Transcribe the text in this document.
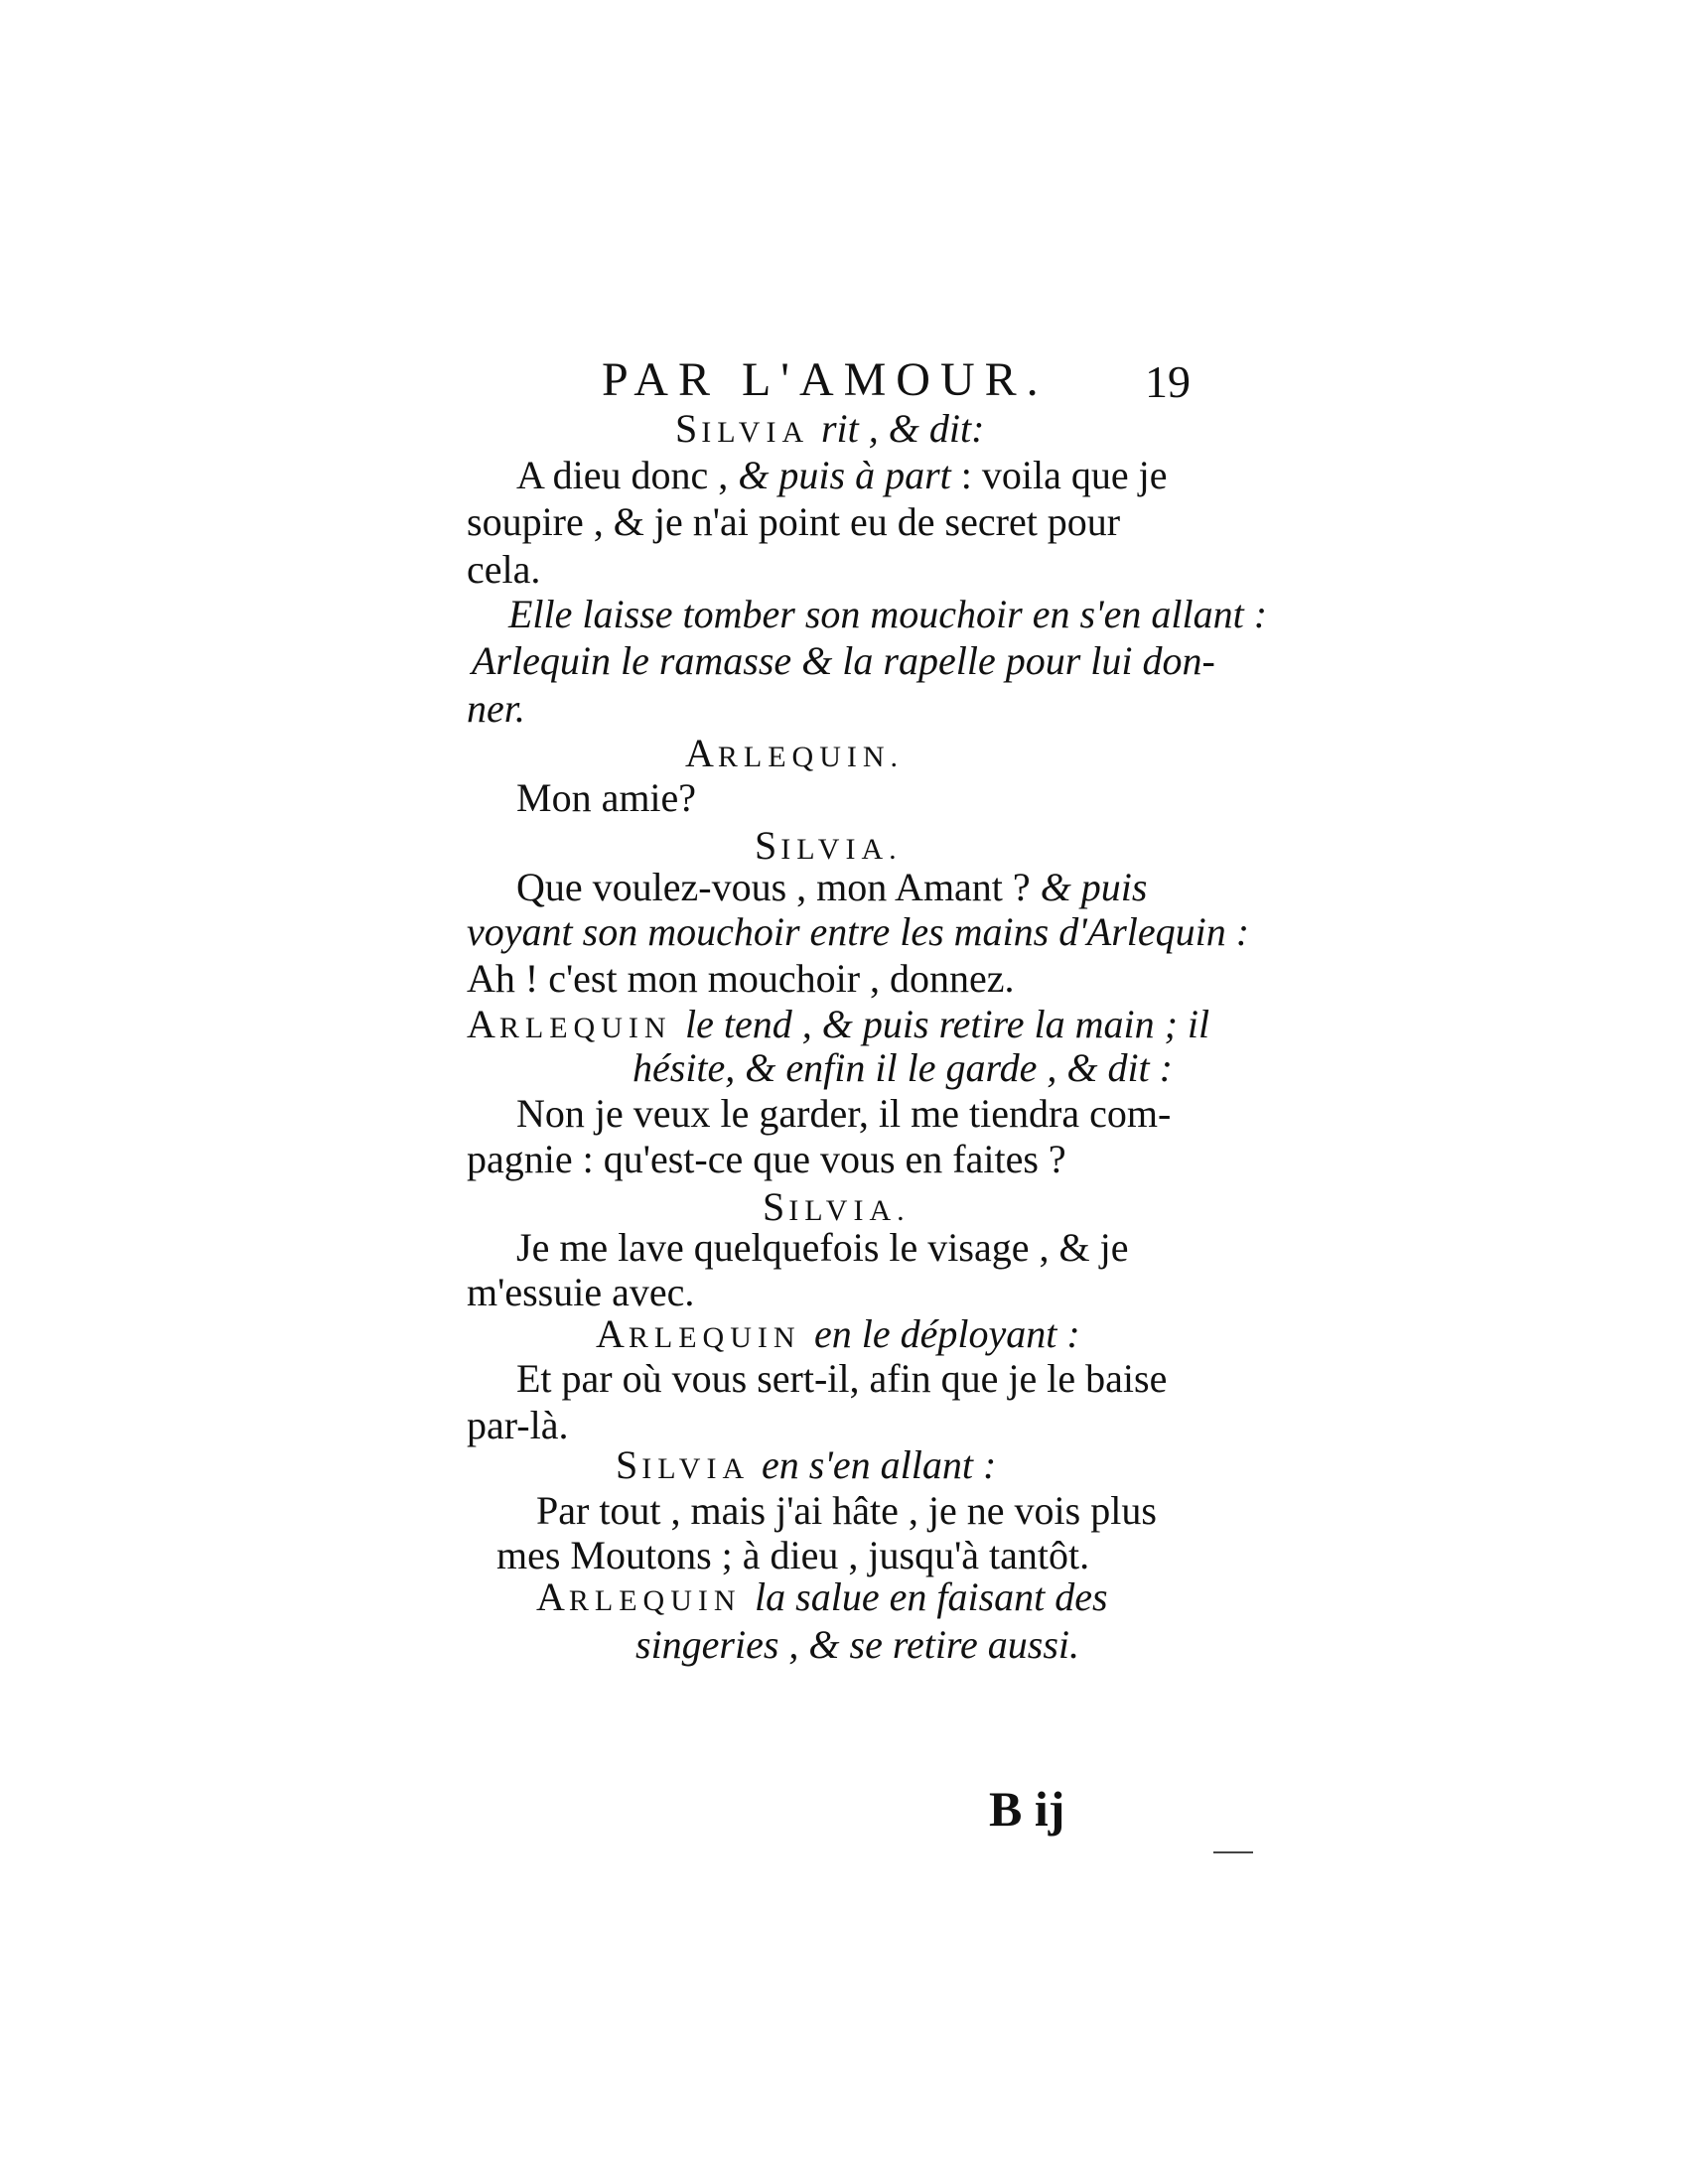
PAR L'AMOUR. 19
SILVIA rit , & dit:
A dieu donc , & puis à part : voila que je
soupire , & je n'ai point eu de secret pour
cela.
Elle laisse tomber son mouchoir en s'en allant :
Arlequin le ramasse & la rapelle pour lui don-
ner.
ARLEQUIN.
Mon amie?
SILVIA.
Que voulez-vous , mon Amant ? & puis
voyant son mouchoir entre les mains d'Arlequin :
Ah ! c'est mon mouchoir , donnez.
ARLEQUIN le tend , & puis retire la main ; il
hésite, & enfin il le garde , & dit :
Non je veux le garder, il me tiendra com-
pagnie : qu'est-ce que vous en faites ?
SILVIA.
Je me lave quelquefois le visage , & je
m'essuie avec.
ARLEQUIN en le déployant :
Et par où vous sert-il, afin que je le baise
par-là.
SILVIA en s'en allant :
Par tout , mais j'ai hâte , je ne vois plus
mes Moutons ; à dieu , jusqu'à tantôt.
ARLEQUIN la salue en faisant des
singeries , & se retire aussi.
B ij
